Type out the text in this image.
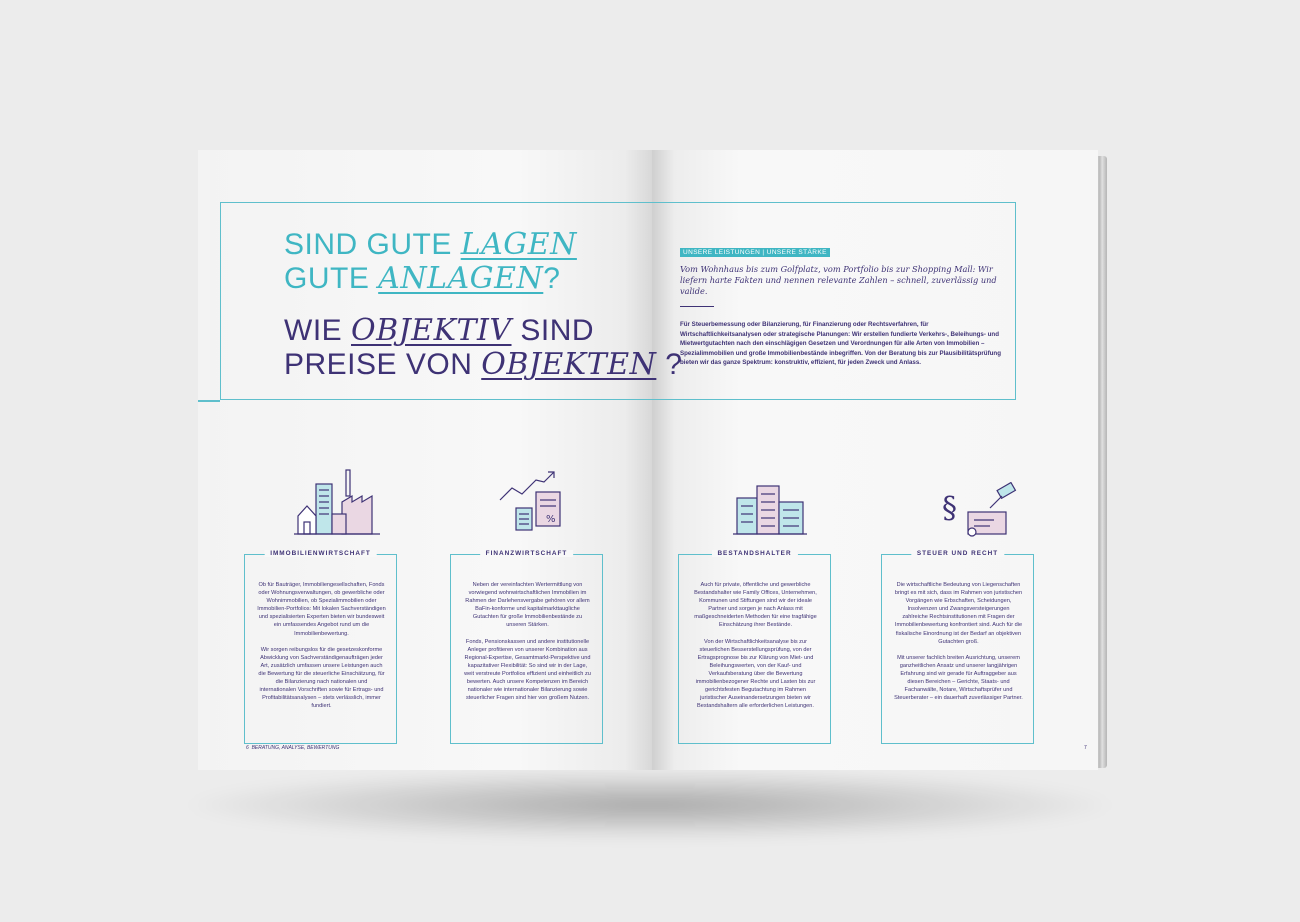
SIND GUTE LAGEN
GUTE ANLAGEN?
WIE OBJEKTIV SIND
PREISE VON OBJEKTEN ?
UNSERE LEISTUNGEN | UNSERE STÄRKE
Vom Wohnhaus bis zum Golfplatz, vom Portfolio bis zur Shopping Mall: Wir liefern harte Fakten und nennen relevante Zahlen – schnell, zuverlässig und valide.
Für Steuerbemessung oder Bilanzierung, für Finanzierung oder Rechtsverfahren, für Wirtschaftlichkeitsanalysen oder strategische Planungen: Wir erstellen fundierte Verkehrs-, Beleihungs- und Mietwertgutachten nach den einschlägigen Gesetzen und Verordnungen für alle Arten von Immobilien – Spezialimmobilien und große Immobilienbestände inbegriffen. Von der Beratung bis zur Plausibilitätsprüfung bieten wir das ganze Spektrum: konstruktiv, effizient, für jeden Zweck und Anlass.
%	§
IMMOBILIENWIRTSCHAFT

Ob für Bauträger, Immobiliengesellschaften, Fonds oder Wohnungsverwaltungen, ob gewerbliche oder Wohnimmobilien, ob Spezialimmobilien oder Immobilien-Portfolios: Mit lokalen Sachverständigen und spezialisierten Experten bieten wir bundesweit ein umfassendes Angebot rund um die Immobilienbewertung.

Wir sorgen reibungslos für die gesetzeskonforme Abwicklung von Sachverständigenaufträgen jeder Art, zusätzlich umfassen unsere Leistungen auch die Bewertung für die steuerliche Einschätzung, für die Bilanzierung nach nationalen und internationalen Vorschriften sowie für Ertrags- und Profitabilitätsanalysen – stets verlässlich, immer fundiert.

FINANZWIRTSCHAFT

Neben der vereinfachten Wertermittlung von vorwiegend wohnwirtschaftlichen Immobilien im Rahmen der Darlehensvergabe gehören vor allem BaFin-konforme und kapitalmarkttaugliche Gutachten für große Immobilienbestände zu unseren Stärken.

Fonds, Pensionskassen und andere institutionelle Anleger profitieren von unserer Kombination aus Regional-Expertise, Gesamtmarkt-Perspektive und kapazitativer Flexibilität: So sind wir in der Lage, weit verstreute Portfolios effizient und einheitlich zu bewerten. Auch unsere Kompetenzen im Bereich nationaler wie internationaler Bilanzierung sowie steuerlicher Fragen sind hier von großem Nutzen.

BESTANDSHALTER

Auch für private, öffentliche und gewerbliche Bestandshalter wie Family Offices, Unternehmen, Kommunen und Stiftungen sind wir der ideale Partner und sorgen je nach Anlass mit maßgeschneiderten Methoden für eine tragfähige Einschätzung ihrer Bestände.

Von der Wirtschaftlichkeitsanalyse bis zur steuerlichen Besserstellungsprüfung, von der Ertragsprognose bis zur Klärung von Miet- und Beleihungswerten, von der Kauf- und Verkaufsberatung über die Bewertung immobilienbezogener Rechte und Lasten bis zur gerichtsfesten Begutachtung im Rahmen juristischer Auseinandersetzungen bieten wir Bestandshaltern alle erforderlichen Leistungen.

STEUER UND RECHT

Die wirtschaftliche Bedeutung von Liegenschaften bringt es mit sich, dass im Rahmen von juristischen Vorgängen wie Erbschaften, Scheidungen, Insolvenzen und Zwangsversteigerungen zahlreiche Rechtsinstitutionen mit Fragen der Immobilienbewertung konfrontiert sind. Auch für die fiskalische Einordnung ist der Bedarf an objektiven Gutachten groß.

Mit unserer fachlich breiten Ausrichtung, unserem ganzheitlichen Ansatz und unserer langjährigen Erfahrung sind wir gerade für Auftraggeber aus diesen Bereichen – Gerichte, Staats- und Fachanwälte, Notare, Wirtschaftsprüfer und Steuerberater – ein dauerhaft zuverlässiger Partner.

6 BERATUNG, ANALYSE, BEWERTUNG	7
